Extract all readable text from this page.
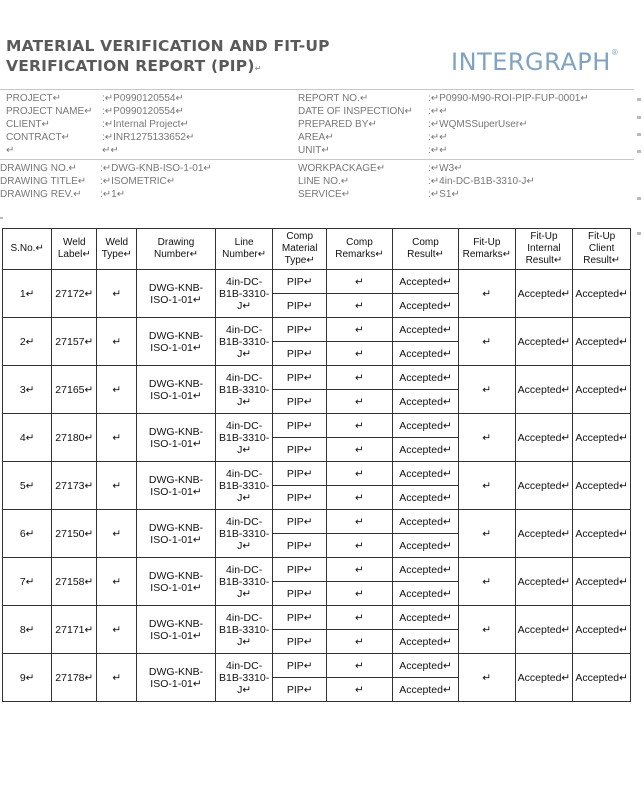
MATERIAL VERIFICATION AND FIT-UP
VERIFICATION REPORT (PIP)↵	INTERGRAPH®
PROJECT↵	:↵P0990120554↵
PROJECT NAME↵ :↵P0990120554↵
CLIENT↵	:↵Internal Project↵
CONTRACT↵	:↵INR1275133652↵
↵	↵↵
REPORT NO.↵	:↵P0990-M90-ROI-PIP-FUP-0001↵
DATE OF INSPECTION↵ :↵↵
PREPARED BY↵	:↵WQMSSuperUser↵
AREA↵	:↵↵
UNIT↵	:↵↵
DRAWING NO.↵ :↵DWG-KNB-ISO-1-01↵
DRAWING TITLE↵ :↵ISOMETRIC↵
DRAWING REV.↵ :↵1↵
WORKPACKAGE↵	:↵W3↵
LINE NO.↵	:↵4in-DC-B1B-3310-J↵
SERVICE↵	:↵S1↵
S.No.↵	Weld Label↵	Weld Type↵	Drawing Number↵	Line Number↵	Comp Material Type↵	Comp Remarks↵	Comp Result↵	Fit-Up Remarks↵	Fit-Up Internal Result↵	Fit-Up Client Result↵
1↵	27172↵	↵	DWG-KNB-ISO-1-01↵	4in-DC-B1B-3310-J↵	PIP↵	↵	Accepted↵	↵	Accepted↵	Accepted↵
					PIP↵	↵	Accepted↵			
2↵	27157↵	↵	DWG-KNB-ISO-1-01↵	4in-DC-B1B-3310-J↵	PIP↵	↵	Accepted↵	↵	Accepted↵	Accepted↵
					PIP↵	↵	Accepted↵			
3↵	27165↵	↵	DWG-KNB-ISO-1-01↵	4in-DC-B1B-3310-J↵	PIP↵	↵	Accepted↵	↵	Accepted↵	Accepted↵
					PIP↵	↵	Accepted↵			
4↵	27180↵	↵	DWG-KNB-ISO-1-01↵	4in-DC-B1B-3310-J↵	PIP↵	↵	Accepted↵	↵	Accepted↵	Accepted↵
					PIP↵	↵	Accepted↵			
5↵	27173↵	↵	DWG-KNB-ISO-1-01↵	4in-DC-B1B-3310-J↵	PIP↵	↵	Accepted↵	↵	Accepted↵	Accepted↵
					PIP↵	↵	Accepted↵			
6↵	27150↵	↵	DWG-KNB-ISO-1-01↵	4in-DC-B1B-3310-J↵	PIP↵	↵	Accepted↵	↵	Accepted↵	Accepted↵
					PIP↵	↵	Accepted↵			
7↵	27158↵	↵	DWG-KNB-ISO-1-01↵	4in-DC-B1B-3310-J↵	PIP↵	↵	Accepted↵	↵	Accepted↵	Accepted↵
					PIP↵	↵	Accepted↵			
8↵	27171↵	↵	DWG-KNB-ISO-1-01↵	4in-DC-B1B-3310-J↵	PIP↵	↵	Accepted↵	↵	Accepted↵	Accepted↵
					PIP↵	↵	Accepted↵			
9↵	27178↵	↵	DWG-KNB-ISO-1-01↵	4in-DC-B1B-3310-J↵	PIP↵	↵	Accepted↵	↵	Accepted↵	Accepted↵
					PIP↵	↵	Accepted↵			
